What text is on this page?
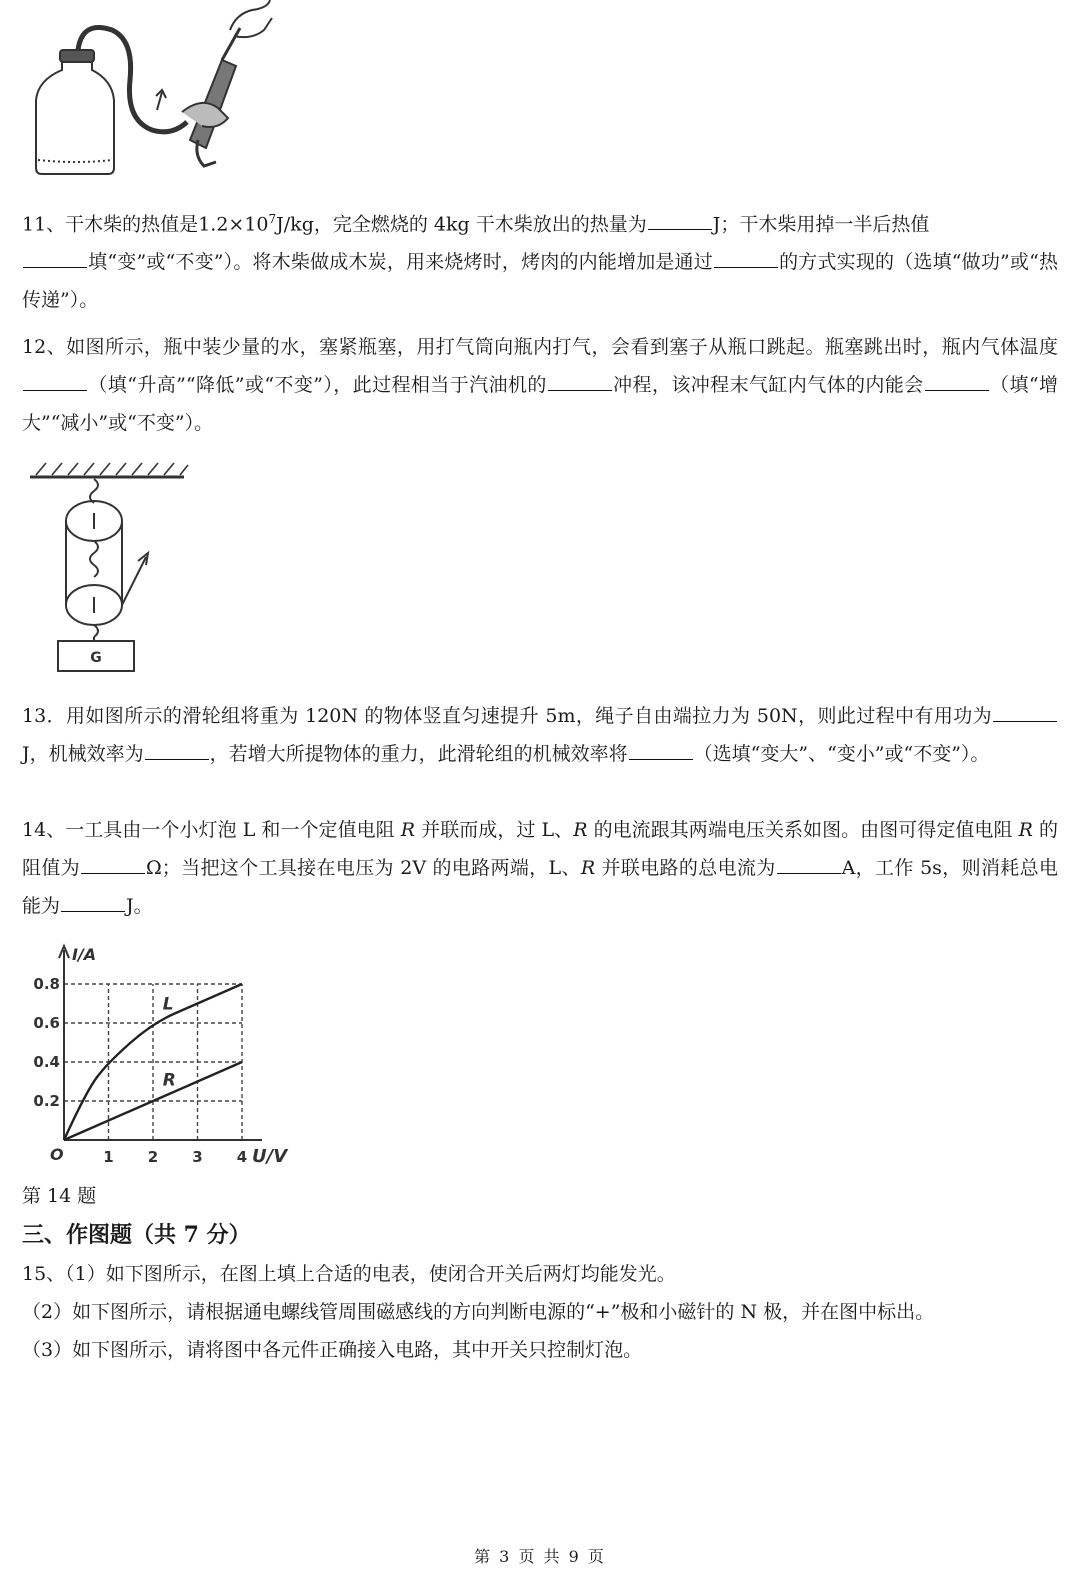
11、干木柴的热值是$1.2\times 10^7J/kg$，完全燃烧的 4kg 干木柴放出的热量为	J；干木柴用掉一半后热值
填“变”或“不变”）。将木柴做成木炭，用来烧烤时，烤肉的内能增加是通过	的方式实现的（选填“做功”或“热传递”）。

12、如图所示，瓶中装少量的水，塞紧瓶塞，用打气筒向瓶内打气，会看到塞子从瓶口跳起。瓶塞跳出时，瓶内气体温度（填“升高”“降低”或“不变”），此过程相当于汽油机的	冲程，该冲程末气缸内气体的内能会	（填“增大”“减小”或“不变”）。

G

13．用如图所示的滑轮组将重为 120N 的物体竖直匀速提升 5m，绳子自由端拉力为 50N，则此过程中有用功为J，机械效率为	，若增大所提物体的重力，此滑轮组的机械效率将	（选填“变大”、“变小”或“不变”）。

14、一工具由一个小灯泡 L 和一个定值电阻 R 并联而成，过 L、R 的电流跟其两端电压关系如图。由图可得定值电阻 R 的阻值为	Ω；当把这个工具接在电压为 2V 的电路两端，L、R 并联电路的总电流为	A，工作 5s，则消耗总电能为	J。

1 2 3 4
0.2
0.4
0.6
0.8
O
I/A
U/V
L
R
第 14 题
三、作图题（共 7 分）

15、（1）如下图所示，在图上填上合适的电表，使闭合开关后两灯均能发光。

（2）如下图所示，请根据通电螺线管周围磁感线的方向判断电源的“+”极和小磁针的 N 极，并在图中标出。

（3）如下图所示，请将图中各元件正确接入电路，其中开关只控制灯泡。

第 3 页 共 9 页
